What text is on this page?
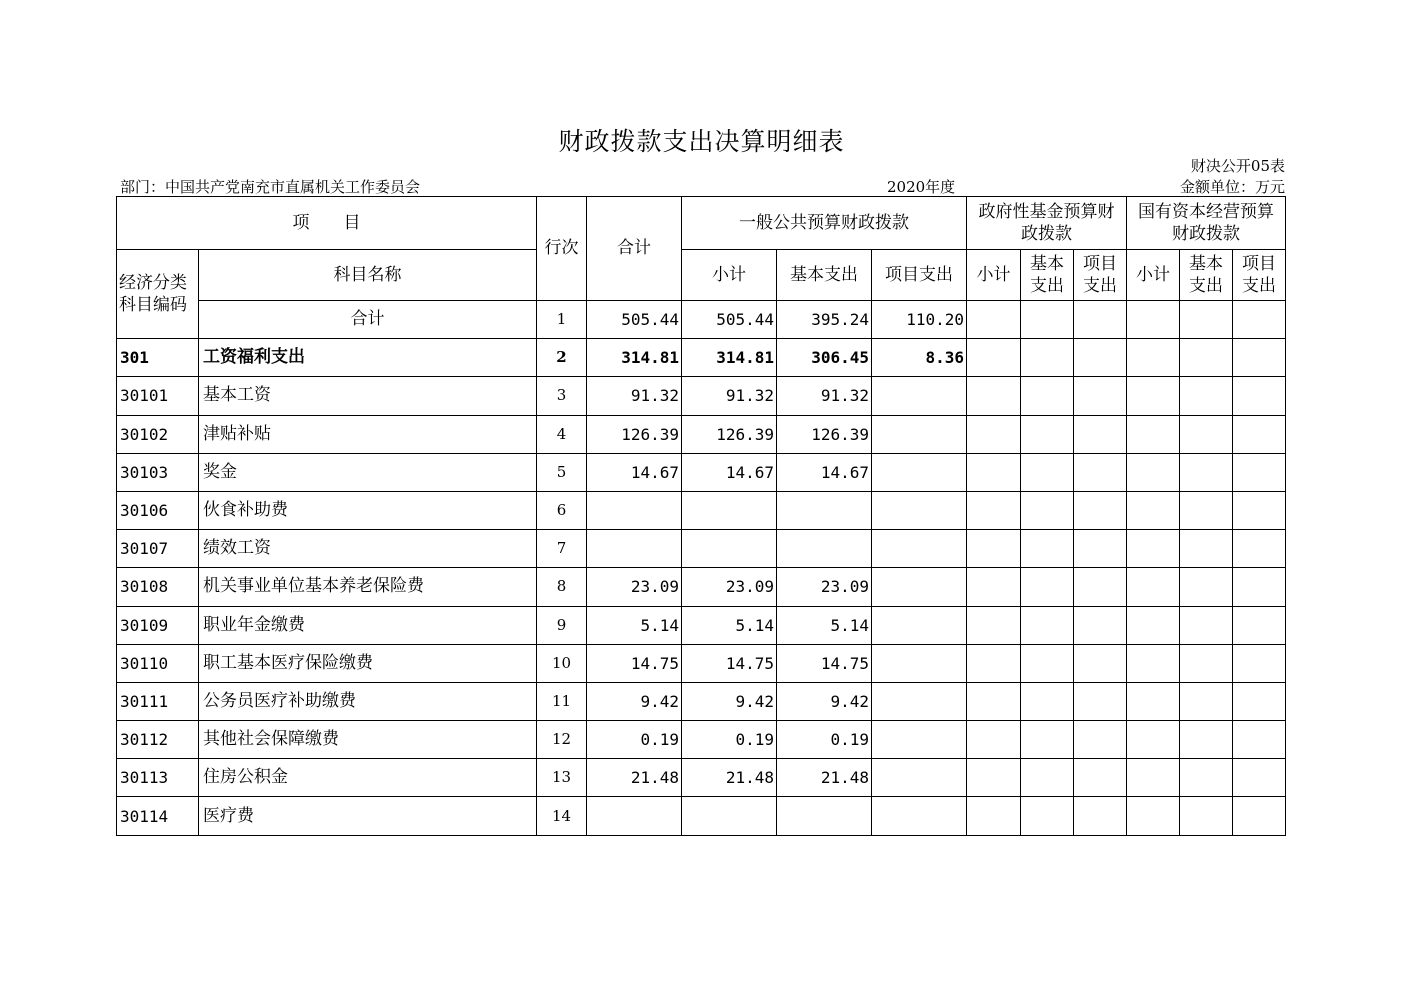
财政拨款支出决算明细表
财决公开05表
部门：中国共产党南充市直属机关工作委员会	2020年度	金额单位：万元
项　　目		行次	合计	一般公共预算财政拨款			政府性基金预算财政拨款			国有资本经营预算财政拨款		
经济分类科目编码	科目名称			小计	基本支出	项目支出	小计	基本支出	项目支出	小计	基本支出	项目支出
	合计	1	505.44	505.44	395.24	110.20						
301	工资福利支出	2	314.81	314.81	306.45	8.36						
30101	基本工资	3	91.32	91.32	91.32							
30102	津贴补贴	4	126.39	126.39	126.39							
30103	奖金	5	14.67	14.67	14.67							
30106	伙食补助费	6										
30107	绩效工资	7										
30108	机关事业单位基本养老保险费	8	23.09	23.09	23.09							
30109	职业年金缴费	9	5.14	5.14	5.14							
30110	职工基本医疗保险缴费	10	14.75	14.75	14.75							
30111	公务员医疗补助缴费	11	9.42	9.42	9.42							
30112	其他社会保障缴费	12	0.19	0.19	0.19							
30113	住房公积金	13	21.48	21.48	21.48							
30114	医疗费	14										
